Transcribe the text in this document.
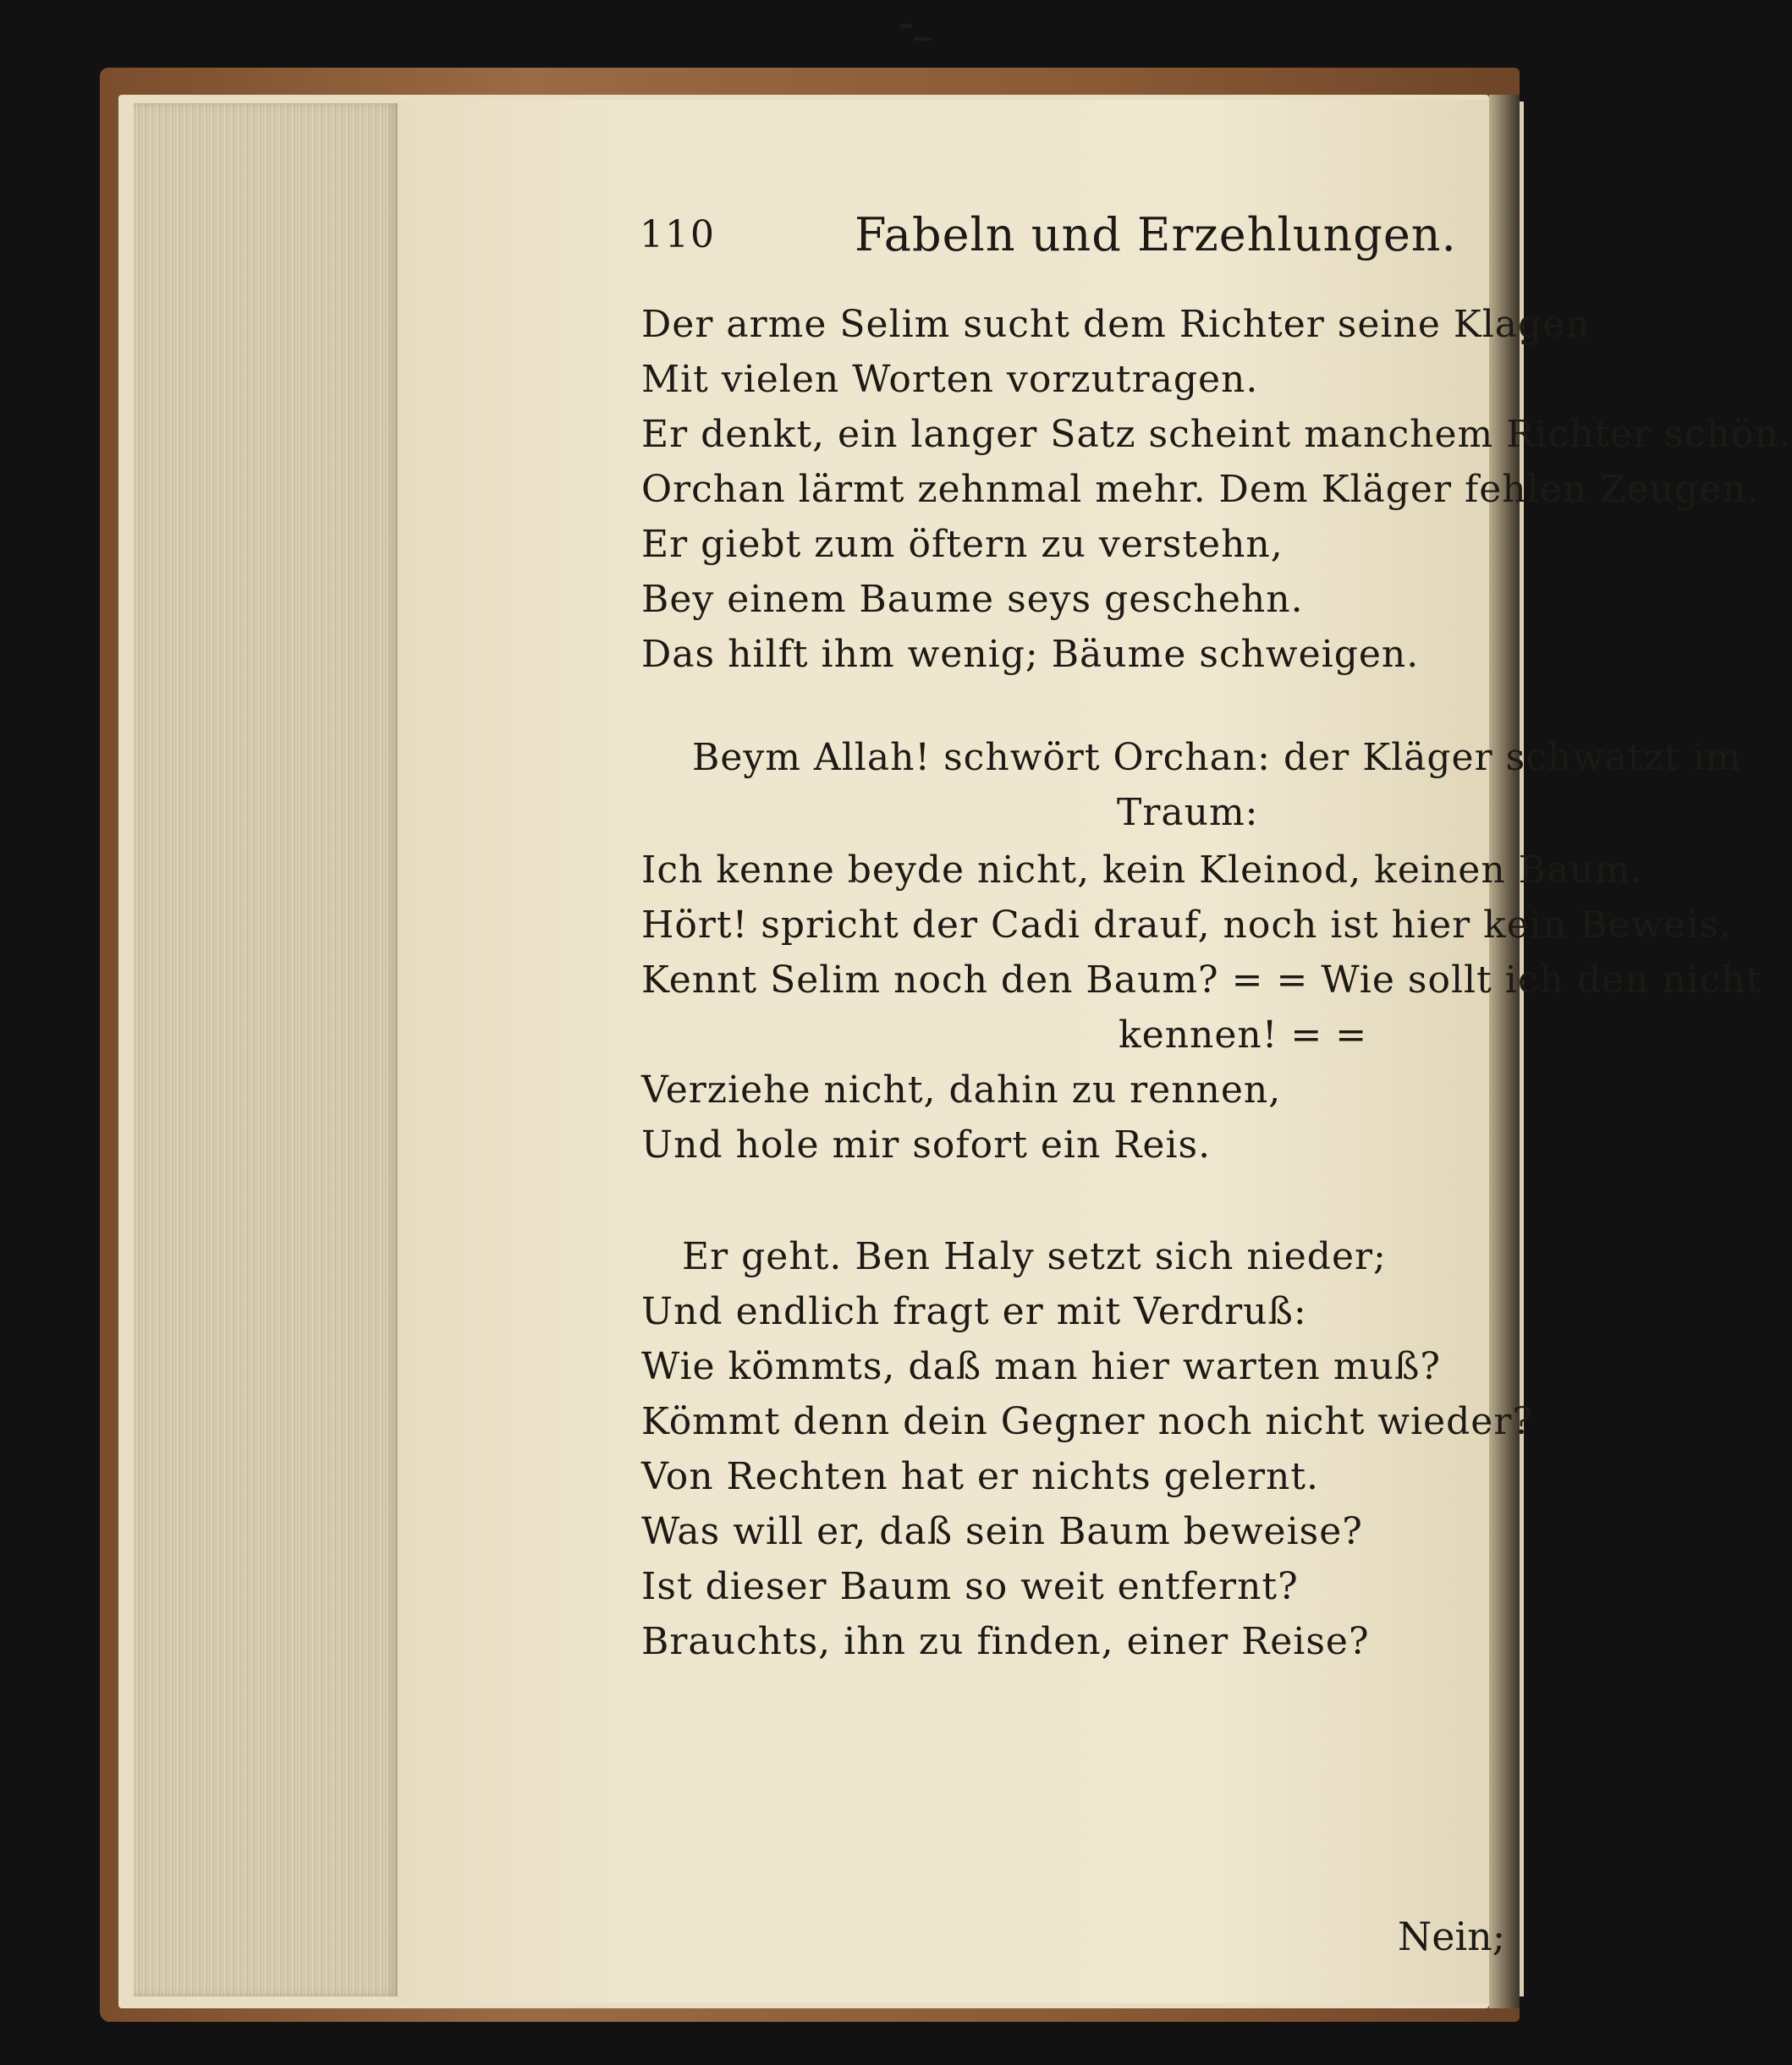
110	Fabeln und Erzehlungen.
Der arme Selim sucht dem Richter seine Klagen
Mit vielen Worten vorzutragen.
Er denkt, ein langer Satz scheint manchem Richter schön.
Orchan lärmt zehnmal mehr. Dem Kläger fehlen Zeugen.
Er giebt zum öftern zu verstehn,
Bey einem Baume seys geschehn.
Das hilft ihm wenig; Bäume schweigen.
Beym Allah! schwört Orchan: der Kläger schwatzt im
Traum:
Ich kenne beyde nicht, kein Kleinod, keinen Baum.
Hört! spricht der Cadi drauf, noch ist hier kein Beweis.
Kennt Selim noch den Baum? = = Wie sollt ich den nicht
kennen! = =
Verziehe nicht, dahin zu rennen,
Und hole mir sofort ein Reis.
Er geht. Ben Haly setzt sich nieder;
Und endlich fragt er mit Verdruß:
Wie kömmts, daß man hier warten muß?
Kömmt denn dein Gegner noch nicht wieder?
Von Rechten hat er nichts gelernt.
Was will er, daß sein Baum beweise?
Ist dieser Baum so weit entfernt?
Brauchts, ihn zu finden, einer Reise?
Nein;
